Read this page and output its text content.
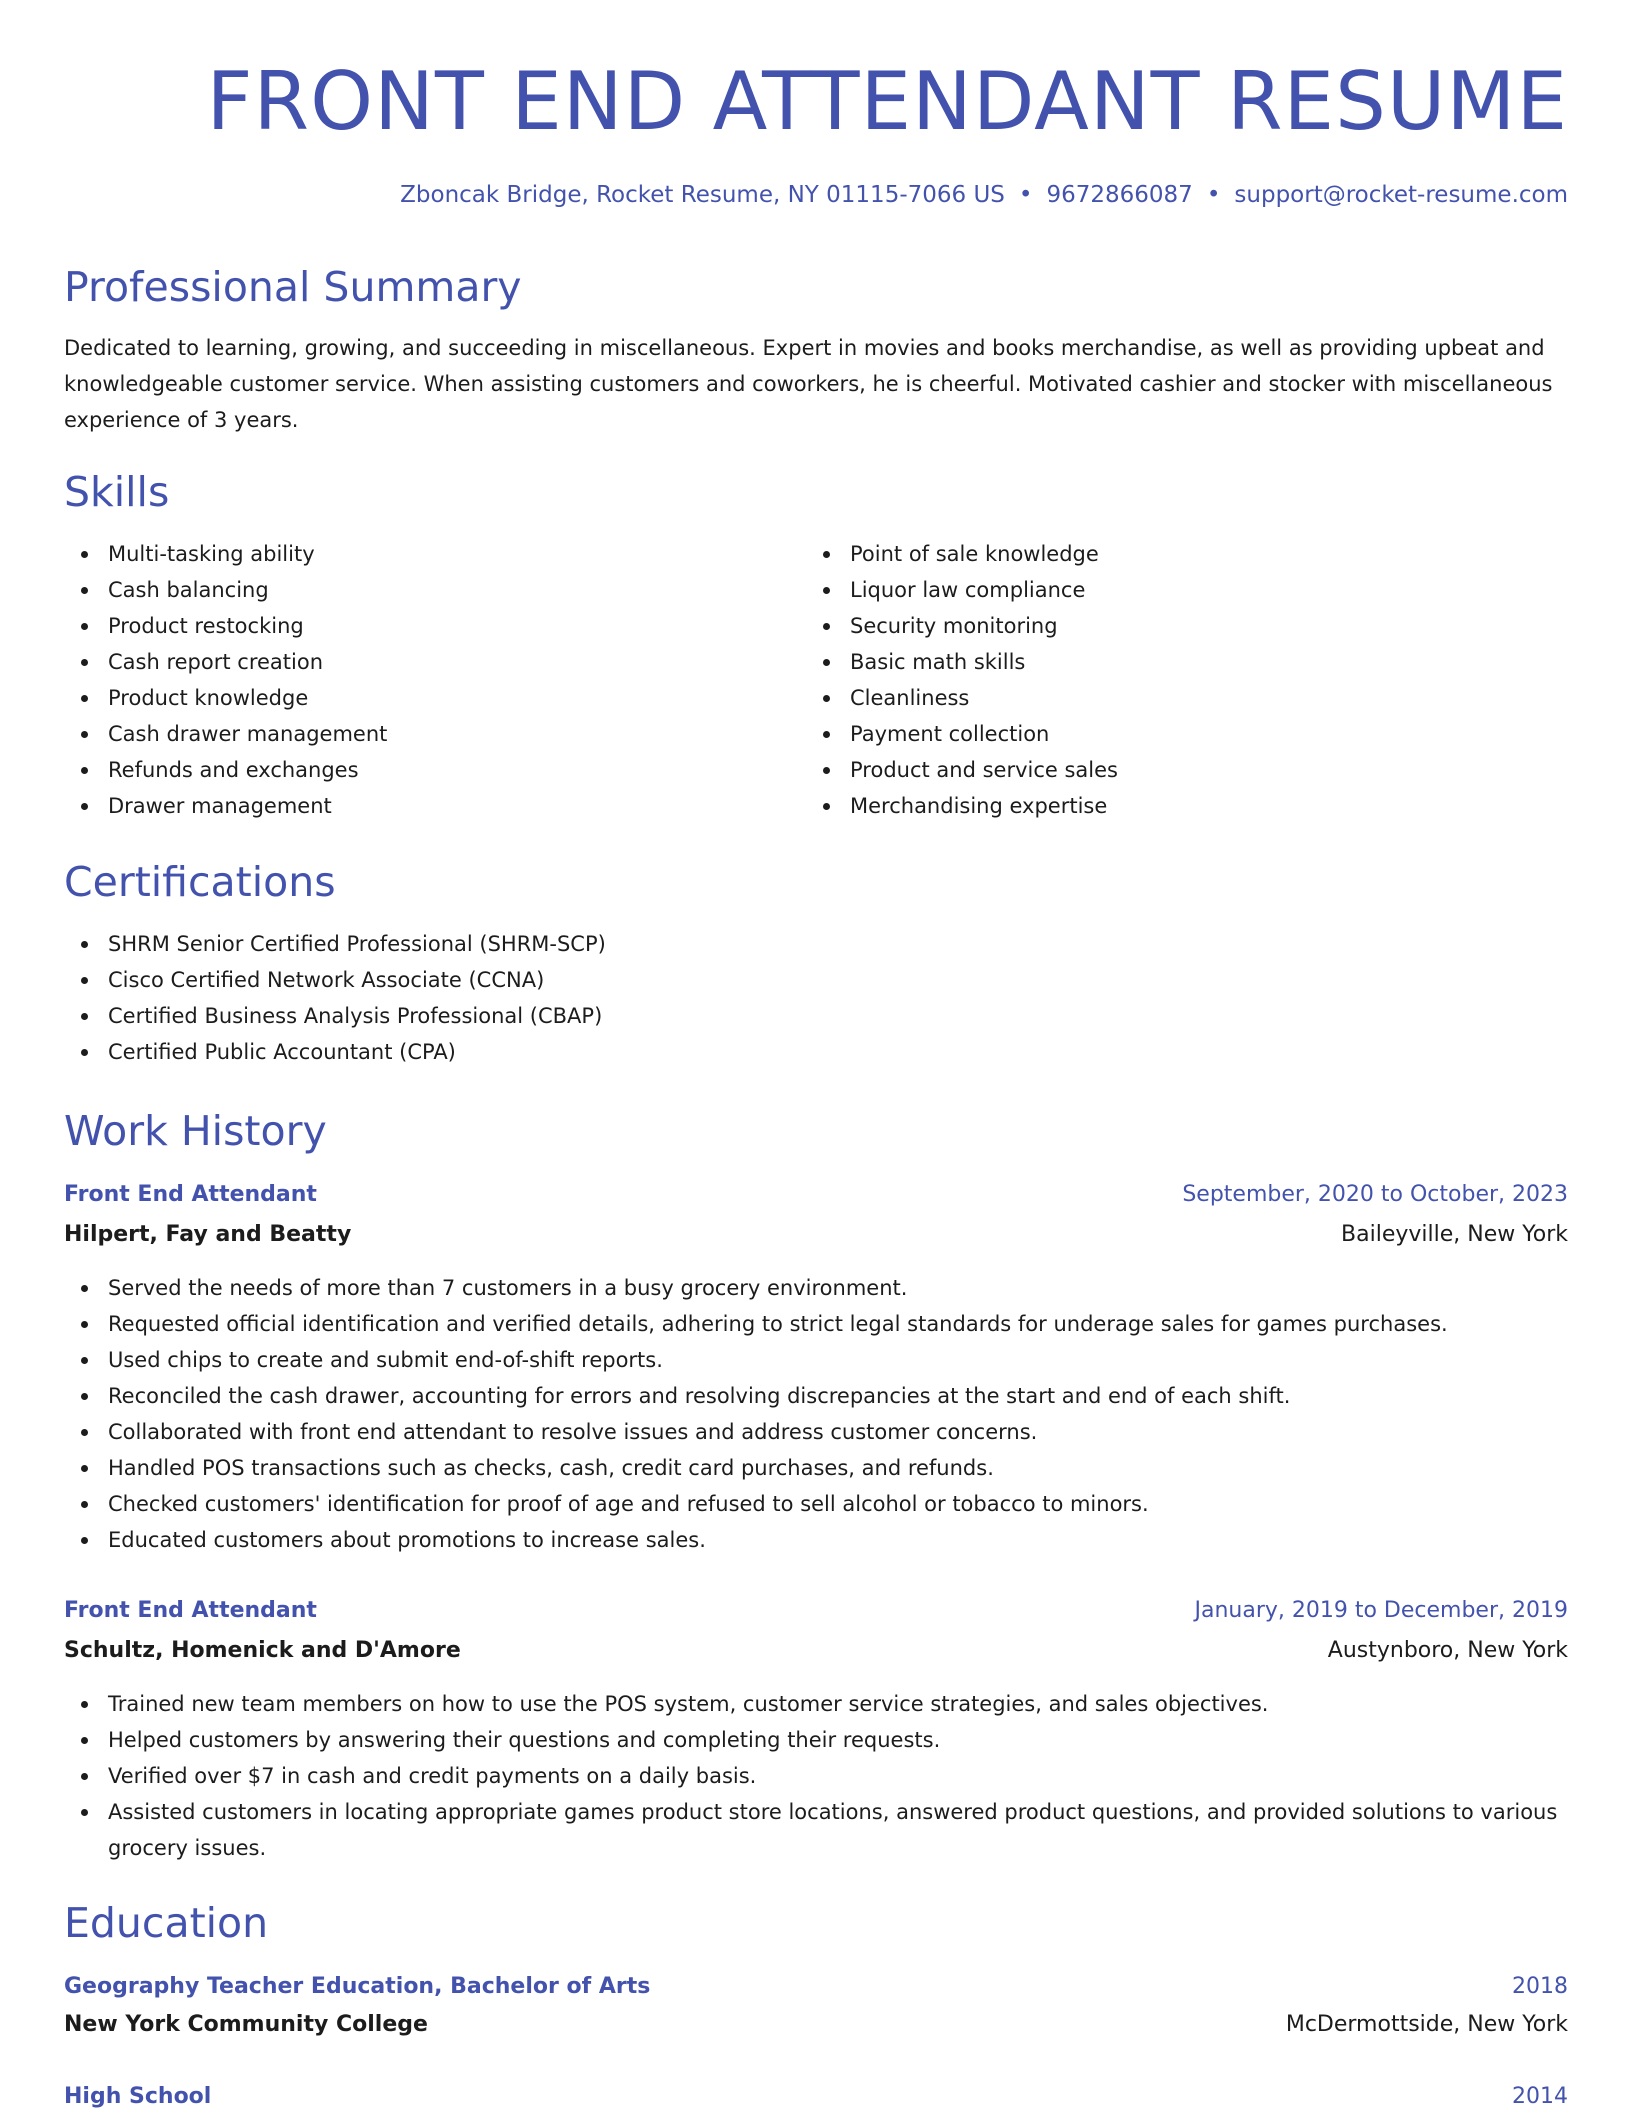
FRONT END ATTENDANT RESUME
Zboncak Bridge, Rocket Resume, NY 01115-7066 US • 9672866087 • support@rocket-resume.com
Professional Summary
Dedicated to learning, growing, and succeeding in miscellaneous. Expert in movies and books merchandise, as well as providing upbeat and knowledgeable customer service. When assisting customers and coworkers, he is cheerful. Motivated cashier and stocker with miscellaneous experience of 3 years.
Skills
Multi-tasking ability
Cash balancing
Product restocking
Cash report creation
Product knowledge
Cash drawer management
Refunds and exchanges
Drawer management
Point of sale knowledge
Liquor law compliance
Security monitoring
Basic math skills
Cleanliness
Payment collection
Product and service sales
Merchandising expertise
Certifications
SHRM Senior Certified Professional (SHRM-SCP)
Cisco Certified Network Associate (CCNA)
Certified Business Analysis Professional (CBAP)
Certified Public Accountant (CPA)
Work History
Front End Attendant	September, 2020 to October, 2023
Hilpert, Fay and Beatty	Baileyville, New York
Served the needs of more than 7 customers in a busy grocery environment.
Requested official identification and verified details, adhering to strict legal standards for underage sales for games purchases.
Used chips to create and submit end-of-shift reports.
Reconciled the cash drawer, accounting for errors and resolving discrepancies at the start and end of each shift.
Collaborated with front end attendant to resolve issues and address customer concerns.
Handled POS transactions such as checks, cash, credit card purchases, and refunds.
Checked customers' identification for proof of age and refused to sell alcohol or tobacco to minors.
Educated customers about promotions to increase sales.
Front End Attendant	January, 2019 to December, 2019
Schultz, Homenick and D'Amore	Austynboro, New York
Trained new team members on how to use the POS system, customer service strategies, and sales objectives.
Helped customers by answering their questions and completing their requests.
Verified over $7 in cash and credit payments on a daily basis.
Assisted customers in locating appropriate games product store locations, answered product questions, and provided solutions to various grocery issues.
Education
Geography Teacher Education, Bachelor of Arts	2018
New York Community College	McDermottside, New York
High School	2014
